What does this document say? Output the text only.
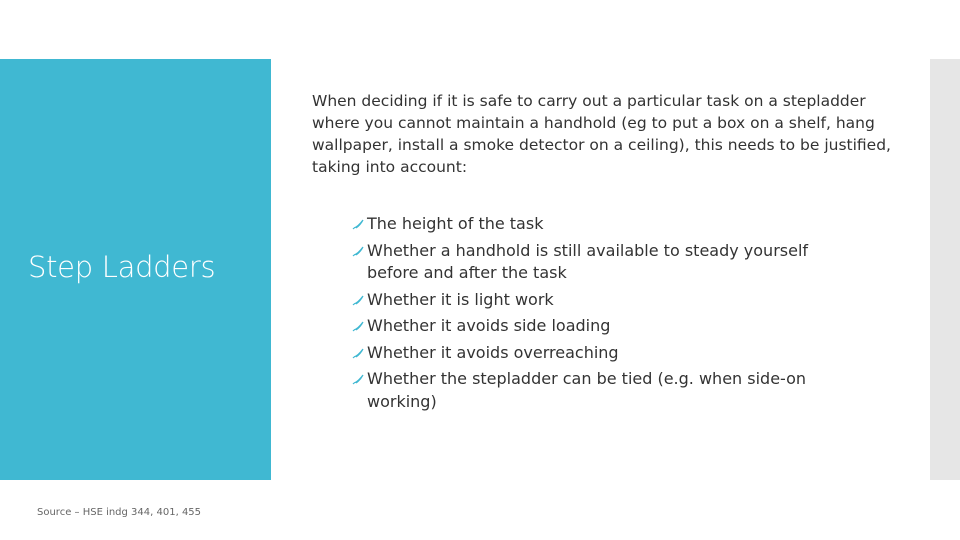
Step Ladders
When deciding if it is safe to carry out a particular task on a stepladder where you cannot maintain a handhold (eg to put a box on a shelf, hang wallpaper, install a smoke detector on a ceiling), this needs to be justified, taking into account:
The height of the task
Whether a handhold is still available to steady yourself before and after the task
Whether it is light work
Whether it avoids side loading
Whether it avoids overreaching
Whether the stepladder can be tied (e.g. when side-on working)
Source – HSE indg 344, 401, 455
